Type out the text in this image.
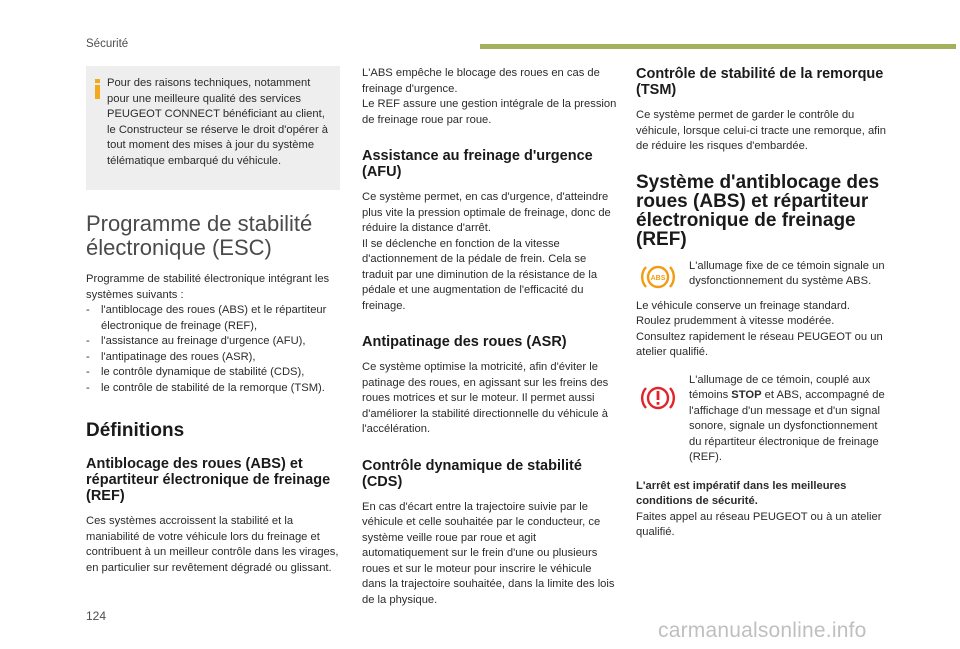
Sécurité

Pour des raisons techniques, notamment pour une meilleure qualité des services PEUGEOT CONNECT bénéficiant au client, le Constructeur se réserve le droit d'opérer à tout moment des mises à jour du système télématique embarqué du véhicule.

Programme de stabilité électronique (ESC)

Programme de stabilité électronique intégrant les systèmes suivants :

- l'antiblocage des roues (ABS) et le répartiteur électronique de freinage (REF),
- l'assistance au freinage d'urgence (AFU),
- l'antipatinage des roues (ASR),
- le contrôle dynamique de stabilité (CDS),
- le contrôle de stabilité de la remorque (TSM).
Définitions
Antiblocage des roues (ABS) et répartiteur électronique de freinage (REF)

Ces systèmes accroissent la stabilité et la maniabilité de votre véhicule lors du freinage et contribuent à un meilleur contrôle dans les virages, en particulier sur revêtement dégradé ou glissant.

L'ABS empêche le blocage des roues en cas de freinage d'urgence.

Le REF assure une gestion intégrale de la pression de freinage roue par roue.

Assistance au freinage d'urgence (AFU)

Ce système permet, en cas d'urgence, d'atteindre plus vite la pression optimale de freinage, donc de réduire la distance d'arrêt.

Il se déclenche en fonction de la vitesse d'actionnement de la pédale de frein. Cela se traduit par une diminution de la résistance de la pédale et une augmentation de l'efficacité du freinage.

Antipatinage des roues (ASR)

Ce système optimise la motricité, afin d'éviter le patinage des roues, en agissant sur les freins des roues motrices et sur le moteur. Il permet aussi d'améliorer la stabilité directionnelle du véhicule à l'accélération.

Contrôle dynamique de stabilité (CDS)

En cas d'écart entre la trajectoire suivie par le véhicule et celle souhaitée par le conducteur, ce système veille roue par roue et agit automatiquement sur le frein d'une ou plusieurs roues et sur le moteur pour inscrire le véhicule dans la trajectoire souhaitée, dans la limite des lois de la physique.

Contrôle de stabilité de la remorque (TSM)

Ce système permet de garder le contrôle du véhicule, lorsque celui-ci tracte une remorque, afin de réduire les risques d'embardée.

Système d'antiblocage des roues (ABS) et répartiteur électronique de freinage (REF)
ABS

L'allumage fixe de ce témoin signale un dysfonctionnement du système ABS.

Le véhicule conserve un freinage standard.

Roulez prudemment à vitesse modérée.

Consultez rapidement le réseau PEUGEOT ou un atelier qualifié.

L'allumage de ce témoin, couplé aux témoins STOP et ABS, accompagné de l'affichage d'un message et d'un signal sonore, signale un dysfonctionnement du répartiteur électronique de freinage (REF).

L'arrêt est impératif dans les meilleures conditions de sécurité.

Faites appel au réseau PEUGEOT ou à un atelier qualifié.

124
carmanualsonline.info
